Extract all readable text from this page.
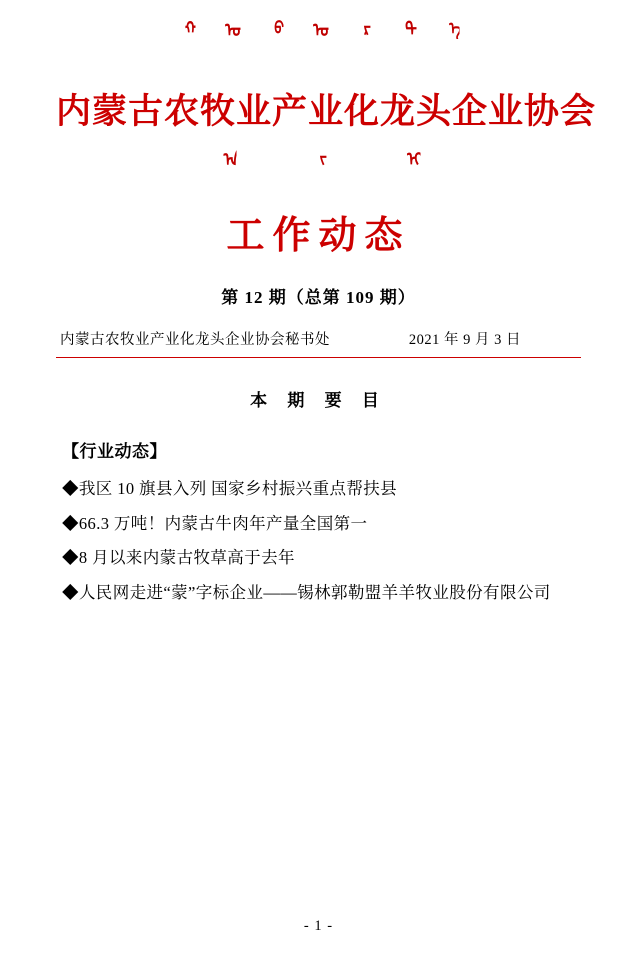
ᠬ ᠥ ᠪ ᠦ ᠷ ᠲ ᠡ
内蒙古农牧业产业化龙头企业协会
ᠠ	ᠵ	ᠢ
工作动态
第 12 期（总第 109 期）
内蒙古农牧业产业化龙头企业协会秘书处	2021 年 9 月 3 日
本 期 要 目
【行业动态】
◆我区 10 旗县入列 国家乡村振兴重点帮扶县
◆66.3 万吨！内蒙古牛肉年产量全国第一
◆8 月以来内蒙古牧草高于去年
◆人民网走进“蒙”字标企业——锡林郭勒盟羊羊牧业股份有限公司
- 1 -
